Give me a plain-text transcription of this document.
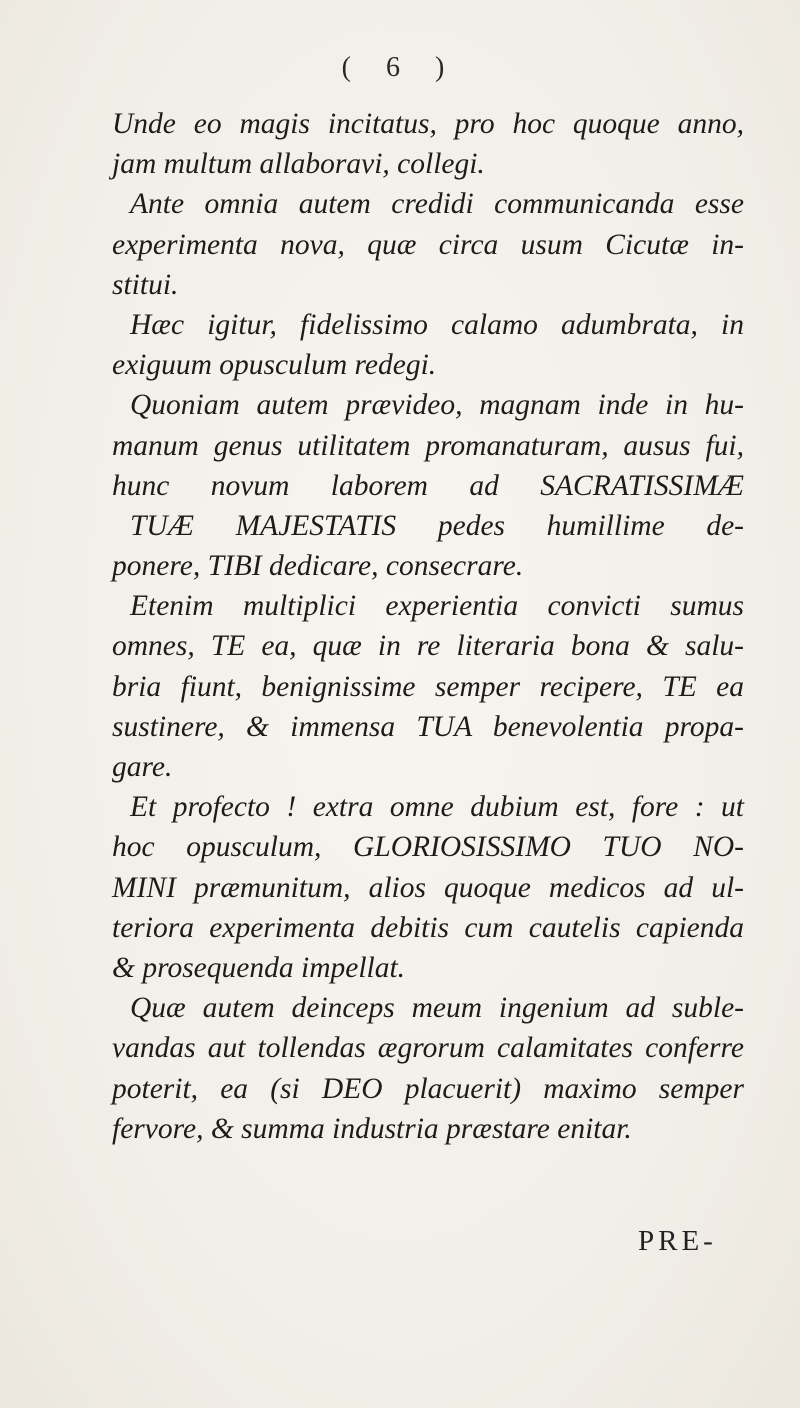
( 6 )
Unde eo magis incitatus, pro hoc quoque anno,
jam multum allaboravi, collegi.
Ante omnia autem credidi communicanda esse
experimenta nova, quæ circa usum Cicutæ in-
stitui.
Hæc igitur, fidelissimo calamo adumbrata, in
exiguum opusculum redegi.
Quoniam autem prævideo, magnam inde in hu-
manum genus utilitatem promanaturam, ausus fui,
hunc novum laborem ad SACRATISSIMÆ
TUÆ MAJESTATIS pedes humillime de-
ponere, TIBI dedicare, consecrare.
Etenim multiplici experientia convicti sumus
omnes, TE ea, quæ in re literaria bona & salu-
bria fiunt, benignissime semper recipere, TE ea
sustinere, & immensa TUA benevolentia propa-
gare.
Et profecto ! extra omne dubium est, fore : ut
hoc opusculum, GLORIOSISSIMO TUO NO-
MINI præmunitum, alios quoque medicos ad ul-
teriora experimenta debitis cum cautelis capienda
& prosequenda impellat.
Quæ autem deinceps meum ingenium ad suble-
vandas aut tollendas ægrorum calamitates conferre
poterit, ea (si DEO placuerit) maximo semper
fervore, & summa industria præstare enitar.
PRE-
